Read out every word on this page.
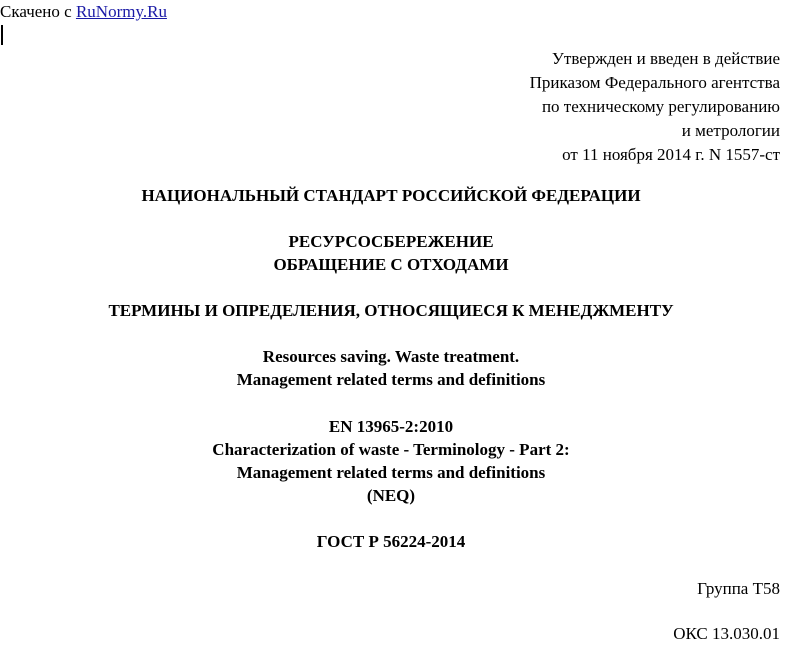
Скачено с RuNormy.Ru
Утвержден и введен в действие
Приказом Федерального агентства
по техническому регулированию
и метрологии
от 11 ноября 2014 г. N 1557-ст
НАЦИОНАЛЬНЫЙ СТАНДАРТ РОССИЙСКОЙ ФЕДЕРАЦИИ
РЕСУРСОСБЕРЕЖЕНИЕ
ОБРАЩЕНИЕ С ОТХОДАМИ
ТЕРМИНЫ И ОПРЕДЕЛЕНИЯ, ОТНОСЯЩИЕСЯ К МЕНЕДЖМЕНТУ
Resources saving. Waste treatment.
Management related terms and definitions
EN 13965-2:2010
Characterization of waste - Terminology - Part 2:
Management related terms and definitions
(NEQ)
ГОСТ Р 56224-2014
Группа Т58
ОКС 13.030.01
